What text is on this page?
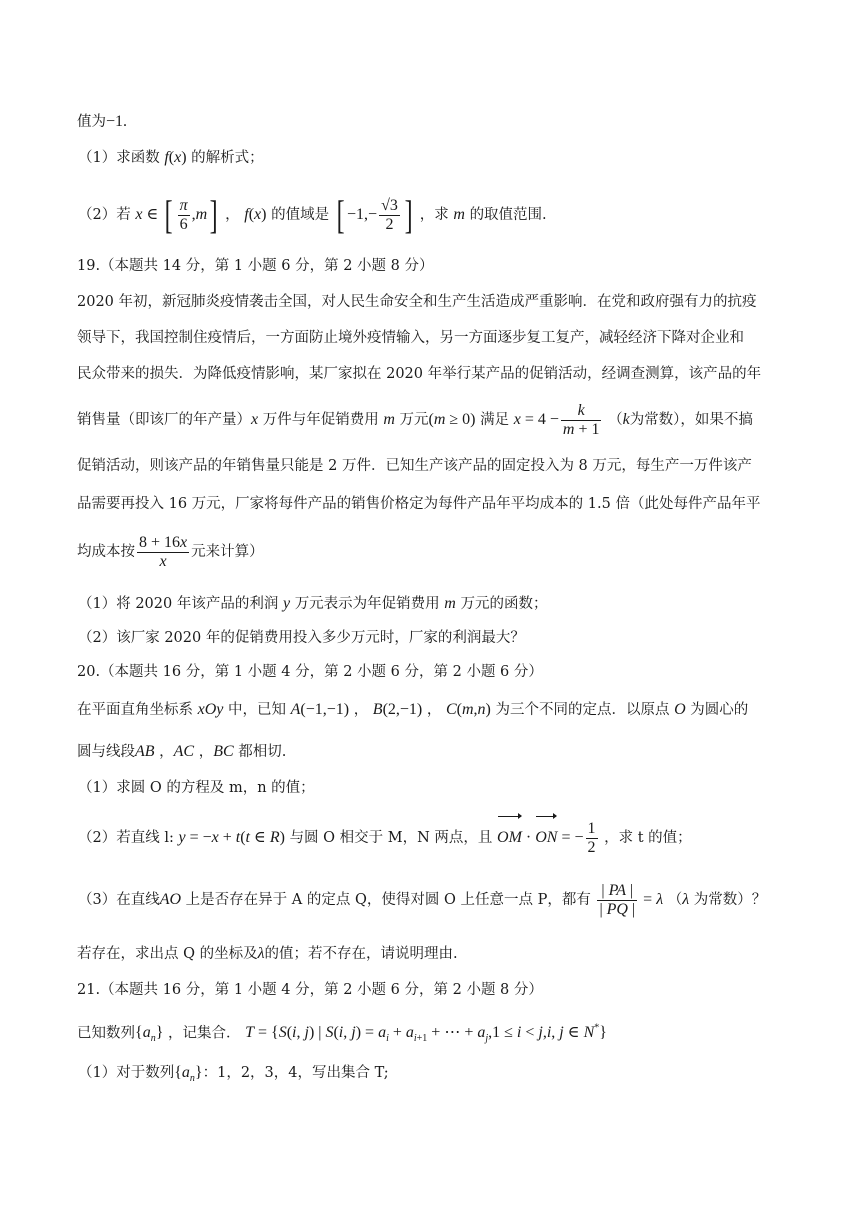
值为−1.
（1）求函数 f(x) 的解析式；
（2）若 x ∈ [ $\frac{\pi}{6} ,m$] ， f(x) 的值域是 [ $-1,- \frac{√3}{2}$ ] ，求 m 的取值范围.
19.（本题共 14 分，第 1 小题 6 分，第 2 小题 8 分）
2020 年初，新冠肺炎疫情袭击全国，对人民生命安全和生产生活造成严重影响．在党和政府强有力的抗疫
领导下，我国控制住疫情后，一方面防止境外疫情输入，另一方面逐步复工复产，减轻经济下降对企业和
民众带来的损失．为降低疫情影响，某厂家拟在 2020 年举行某产品的促销活动，经调查测算，该产品的年
销售量（即该厂的年产量）x 万件与年促销费用 m 万元(m ≥ 0) 满足 $x = 4 - \frac{k}{m + 1} (k$为常数），如果不搞
促销活动，则该产品的年销售量只能是 2 万件．已知生产该产品的固定投入为 8 万元，每生产一万件该产
品需要再投入 16 万元，厂家将每件产品的销售价格定为每件产品年平均成本的 1.5 倍（此处每件产品年平
均成本按 $\frac{8 + 16x}{x}$ 元来计算）
（1）将 2020 年该产品的利润 y 万元表示为年促销费用 m 万元的函数；
（2）该厂家 2020 年的促销费用投入多少万元时，厂家的利润最大？
20.（本题共 16 分，第 1 小题 4 分，第 2 小题 6 分，第 2 小题 6 分）
在平面直角坐标系 xOy 中，已知 A(−1,−1) ， B(2,−1) ， C(m,n) 为三个不同的定点．以原点 O 为圆心的
圆与线段AB ，AC ，BC 都相切.
（1）求圆 O 的方程及 m，n 的值；
（2）若直线 l: y = −x + t(t ∈ R) 与圆 O 相交于 M，N 两点，且 OM · ON = − $\frac{1}{2}$ ，求 t 的值；
（3）在直线AO 上是否存在异于 A 的定点 Q，使得对圆 O 上任意一点 P，都有 $\frac{| PA |}{| PQ |} = \lambda$ （λ 为常数）？
若存在，求出点 Q 的坐标及λ的值；若不存在，请说明理由.
21.（本题共 16 分，第 1 小题 4 分，第 2 小题 6 分，第 2 小题 8 分）
已知数列$\{a_n\}$ ，记集合． T = {S(i, j) | S(i, $j) = a_i + a_{i+1}$ + ⋯ + $a_j,1 \le i < j,i$, j ∈ N*}
（1）对于数列$\{a_n\}$：1，2，3，4，写出集合 T;
